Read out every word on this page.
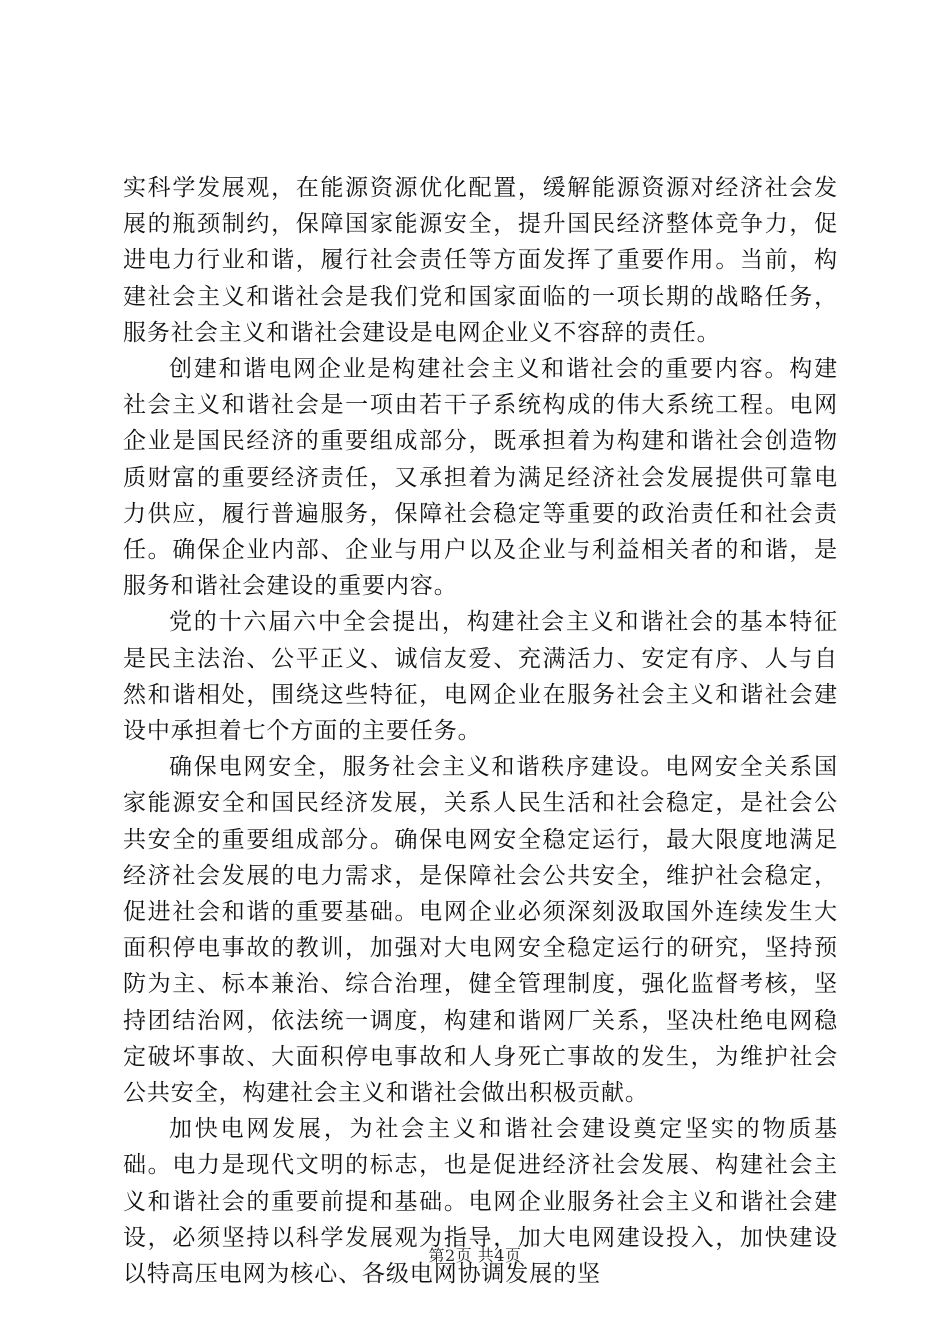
实科学发展观，在能源资源优化配置，缓解能源资源对经济社会发展的瓶颈制约，保障国家能源安全，提升国民经济整体竞争力，促进电力行业和谐，履行社会责任等方面发挥了重要作用。当前，构建社会主义和谐社会是我们党和国家面临的一项长期的战略任务，服务社会主义和谐社会建设是电网企业义不容辞的责任。

创建和谐电网企业是构建社会主义和谐社会的重要内容。构建社会主义和谐社会是一项由若干子系统构成的伟大系统工程。电网企业是国民经济的重要组成部分，既承担着为构建和谐社会创造物质财富的重要经济责任，又承担着为满足经济社会发展提供可靠电力供应，履行普遍服务，保障社会稳定等重要的政治责任和社会责任。确保企业内部、企业与用户以及企业与利益相关者的和谐，是服务和谐社会建设的重要内容。

党的十六届六中全会提出，构建社会主义和谐社会的基本特征是民主法治、公平正义、诚信友爱、充满活力、安定有序、人与自然和谐相处，围绕这些特征，电网企业在服务社会主义和谐社会建设中承担着七个方面的主要任务。

确保电网安全，服务社会主义和谐秩序建设。电网安全关系国家能源安全和国民经济发展，关系人民生活和社会稳定，是社会公共安全的重要组成部分。确保电网安全稳定运行，最大限度地满足经济社会发展的电力需求，是保障社会公共安全，维护社会稳定，促进社会和谐的重要基础。电网企业必须深刻汲取国外连续发生大面积停电事故的教训，加强对大电网安全稳定运行的研究，坚持预防为主、标本兼治、综合治理，健全管理制度，强化监督考核，坚持团结治网，依法统一调度，构建和谐网厂关系，坚决杜绝电网稳定破坏事故、大面积停电事故和人身死亡事故的发生，为维护社会公共安全，构建社会主义和谐社会做出积极贡献。

加快电网发展，为社会主义和谐社会建设奠定坚实的物质基础。电力是现代文明的标志，也是促进经济社会发展、构建社会主义和谐社会的重要前提和基础。电网企业服务社会主义和谐社会建设，必须坚持以科学发展观为指导，加大电网建设投入，加快建设以特高压电网为核心、各级电网协调发展的坚

第2页 共4页
